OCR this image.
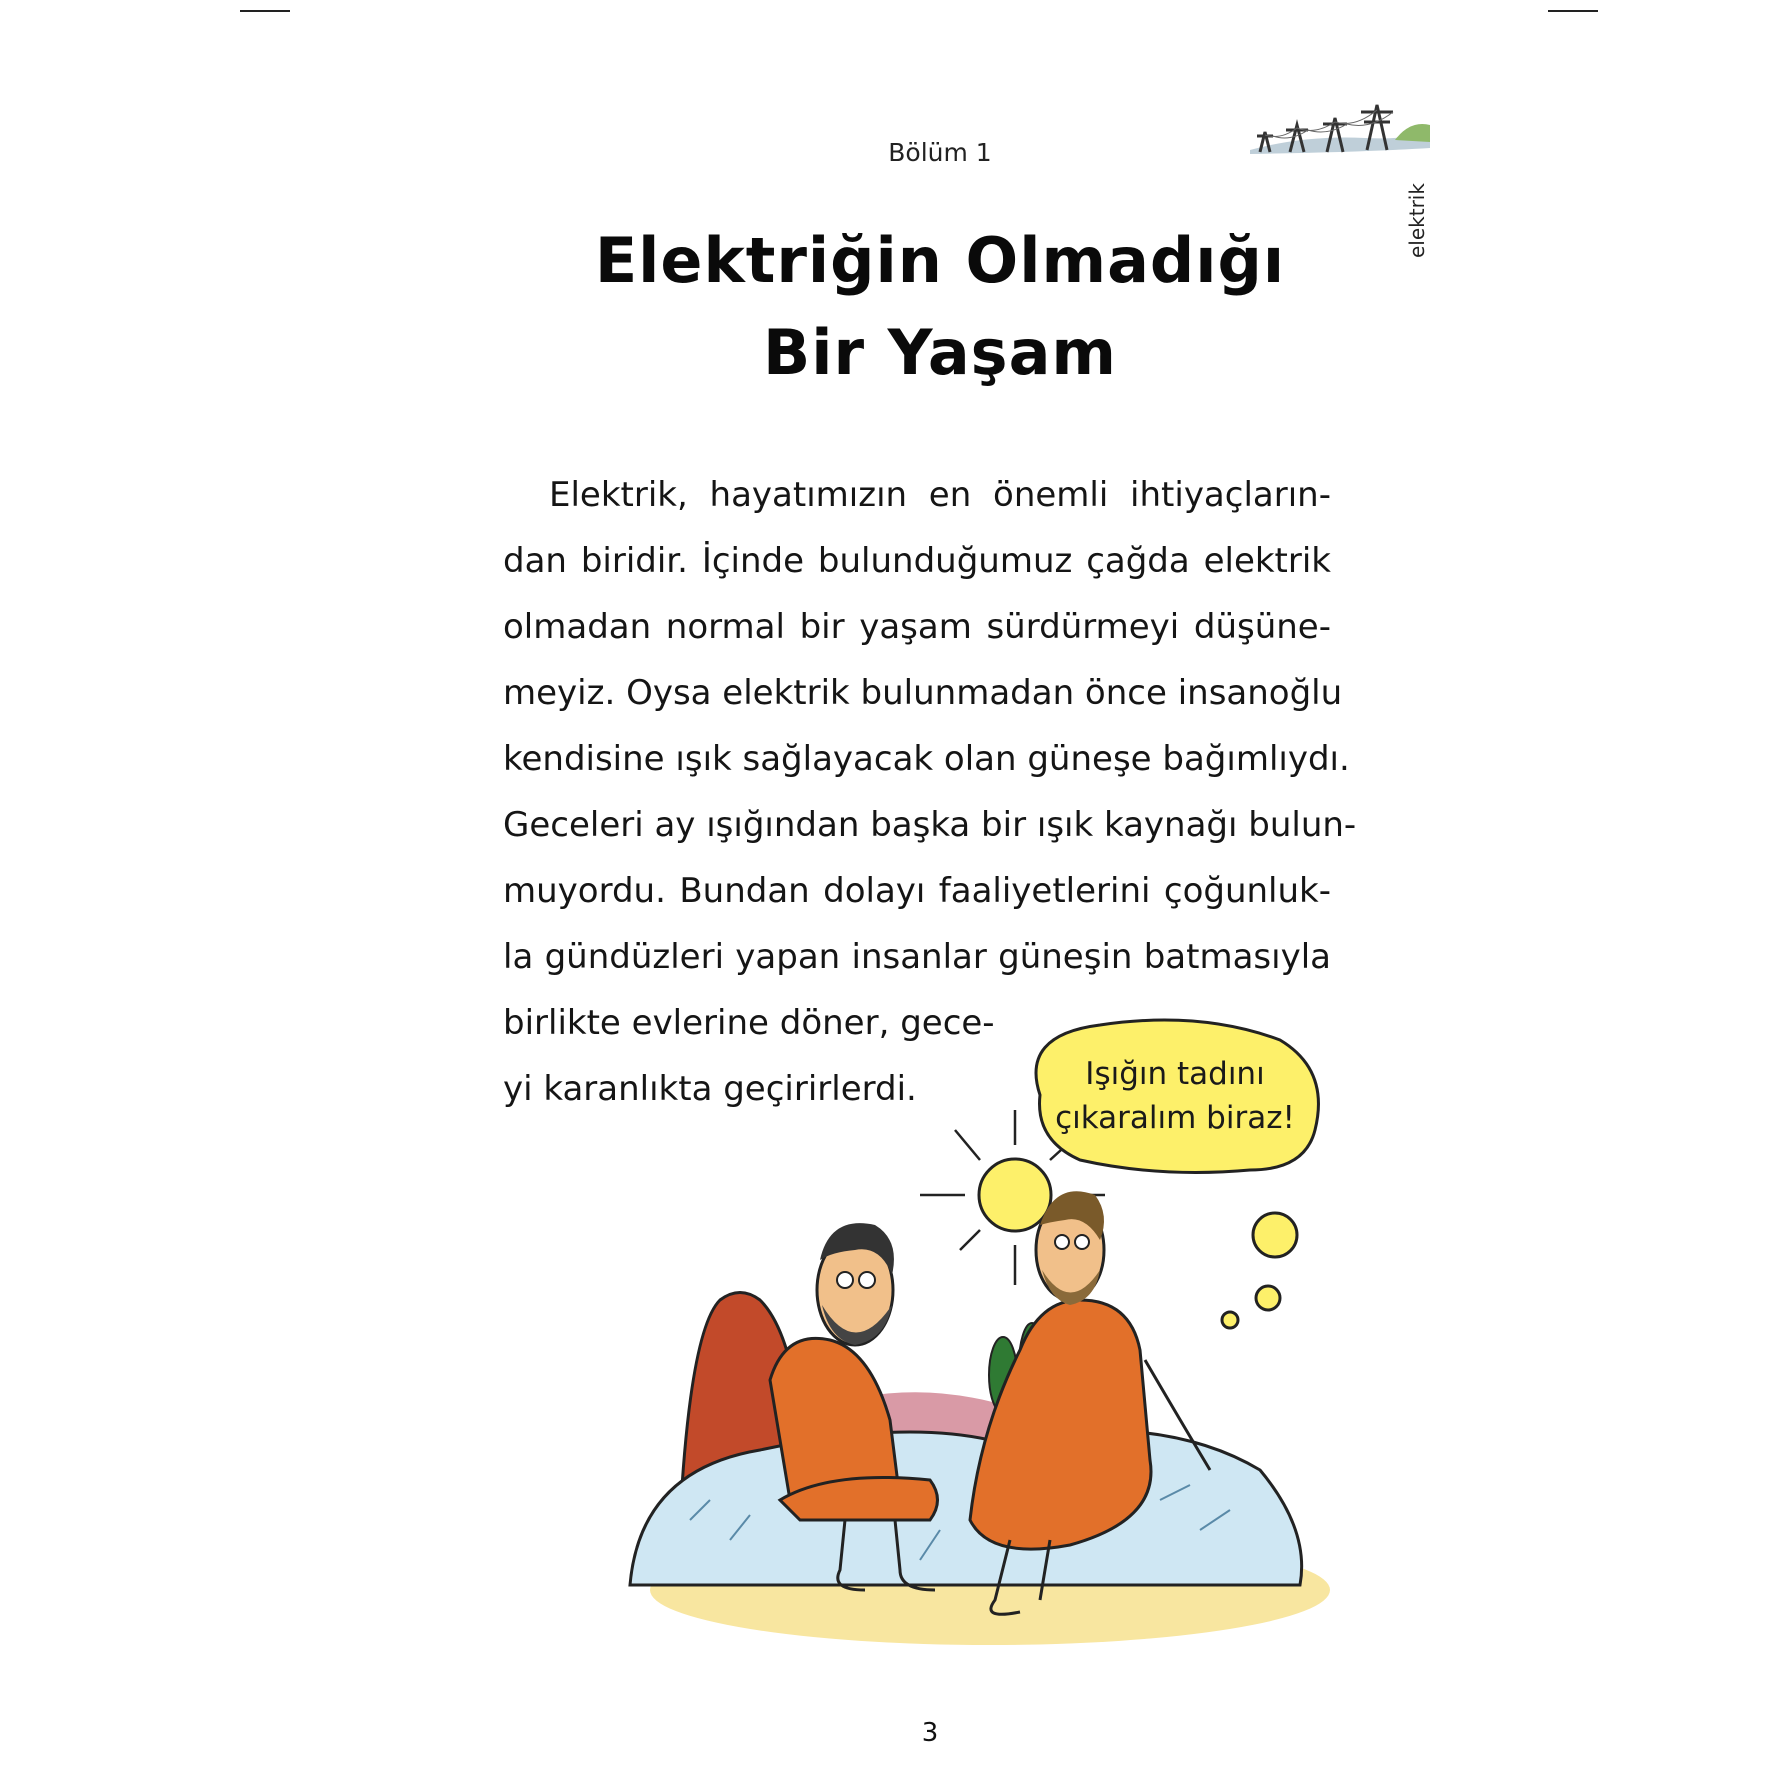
Bölüm 1
elektrik
Elektriğin Olmadığı
Bir Yaşam
Elektrik, hayatımızın en önemli ihtiyaçların-
dan biridir. İçinde bulunduğumuz çağda elektrik
olmadan normal bir yaşam sürdürmeyi düşüne-
meyiz. Oysa elektrik bulunmadan önce insanoğlu
kendisine ışık sağlayacak olan güneşe bağımlıydı.
Geceleri ay ışığından başka bir ışık kaynağı bulun-
muyordu. Bundan dolayı faaliyetlerini çoğunluk-
la gündüzleri yapan insanlar güneşin batmasıyla
birlikte evlerine döner, gece-
yi karanlıkta geçirirlerdi.	Işığın tadını
çıkaralım biraz!
3
